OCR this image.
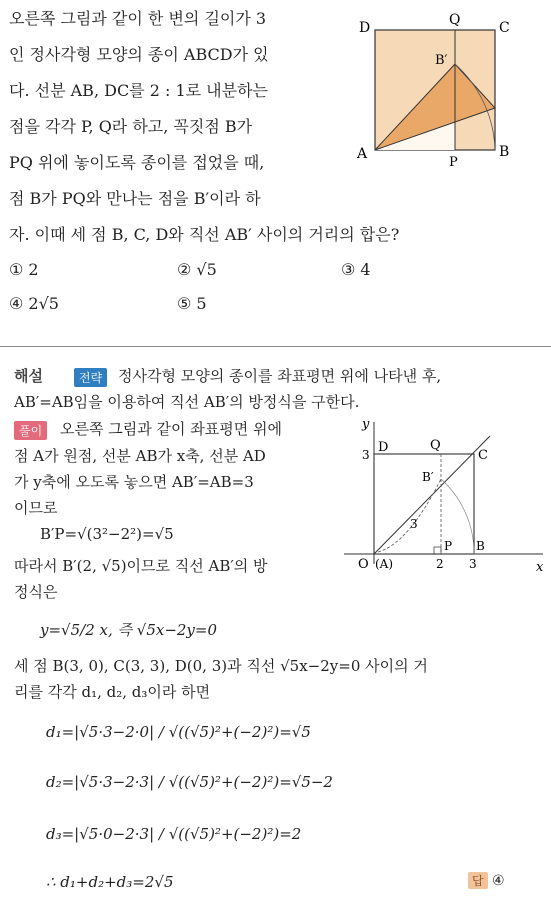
오른쪽 그림과 같이 한 변의 길이가 3
인 정사각형 모양의 종이 ABCD가 있
다. 선분 AB, DC를 2 : 1로 내분하는
점을 각각 P, Q라 하고, 꼭짓점 B가
PQ 위에 놓이도록 종이를 접었을 때,
점 B가 PQ와 만나는 점을 B′이라 하
자. 이때 세 점 B, C, D와 직선 AB′ 사이의 거리의 합은?
D	Q	C
B′
A
P
B
① 2	② √5	③ 4
④ 2√5	⑤ 5
해설	전략	정사각형 모양의 종이를 좌표평면 위에 나타낸 후,
AB′=AB임을 이용하여 직선 AB′의 방정식을 구한다.
풀이	오른쪽 그림과 같이 좌표평면 위에
점 A가 원점, 선분 AB가 x축, 선분 AD
가 y축에 오도록 놓으면 AB′=AB=3
이므로
B′P=√(3²−2²)=√5
따라서 B′(2, √5)이므로 직선 AB′의 방
정식은
y=√5/2 x, 즉 √5x−2y=0
세 점 B(3, 0), C(3, 3), D(0, 3)과 직선 √5x−2y=0 사이의 거
리를 각각 d₁, d₂, d₃이라 하면
d₁=|√5·3−2·0| / √((√5)²+(−2)²)=√5
d₂=|√5·3−2·3| / √((√5)²+(−2)²)=√5−2
d₃=|√5·0−2·3| / √((√5)²+(−2)²)=2
∴ d₁+d₂+d₃=2√5	답 ④
y
x
3 D	Q
C
B′
3
O (A)
P B
2 3
